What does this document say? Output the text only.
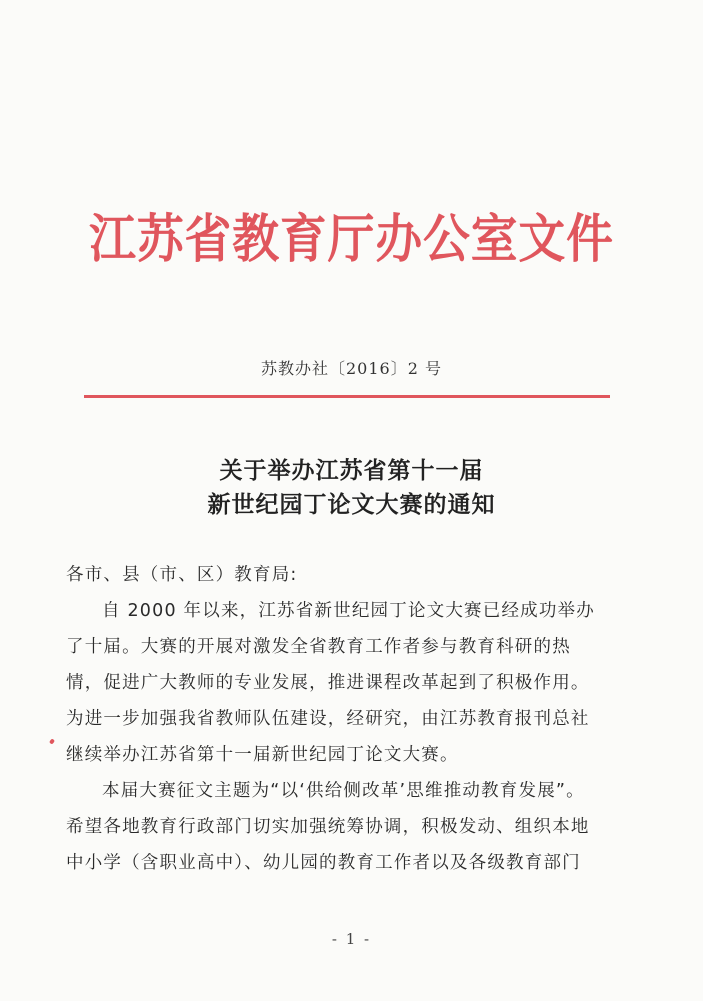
江苏省教育厅办公室文件
苏教办社〔2016〕2 号
关于举办江苏省第十一届
新世纪园丁论文大赛的通知
各市、县（市、区）教育局:
自 2000 年以来，江苏省新世纪园丁论文大赛已经成功举办
了十届。大赛的开展对激发全省教育工作者参与教育科研的热
情，促进广大教师的专业发展，推进课程改革起到了积极作用。
为进一步加强我省教师队伍建设，经研究，由江苏教育报刊总社
继续举办江苏省第十一届新世纪园丁论文大赛。
本届大赛征文主题为“以‘供给侧改革’思维推动教育发展”。
希望各地教育行政部门切实加强统筹协调，积极发动、组织本地
中小学（含职业高中）、幼儿园的教育工作者以及各级教育部门
- 1 -
